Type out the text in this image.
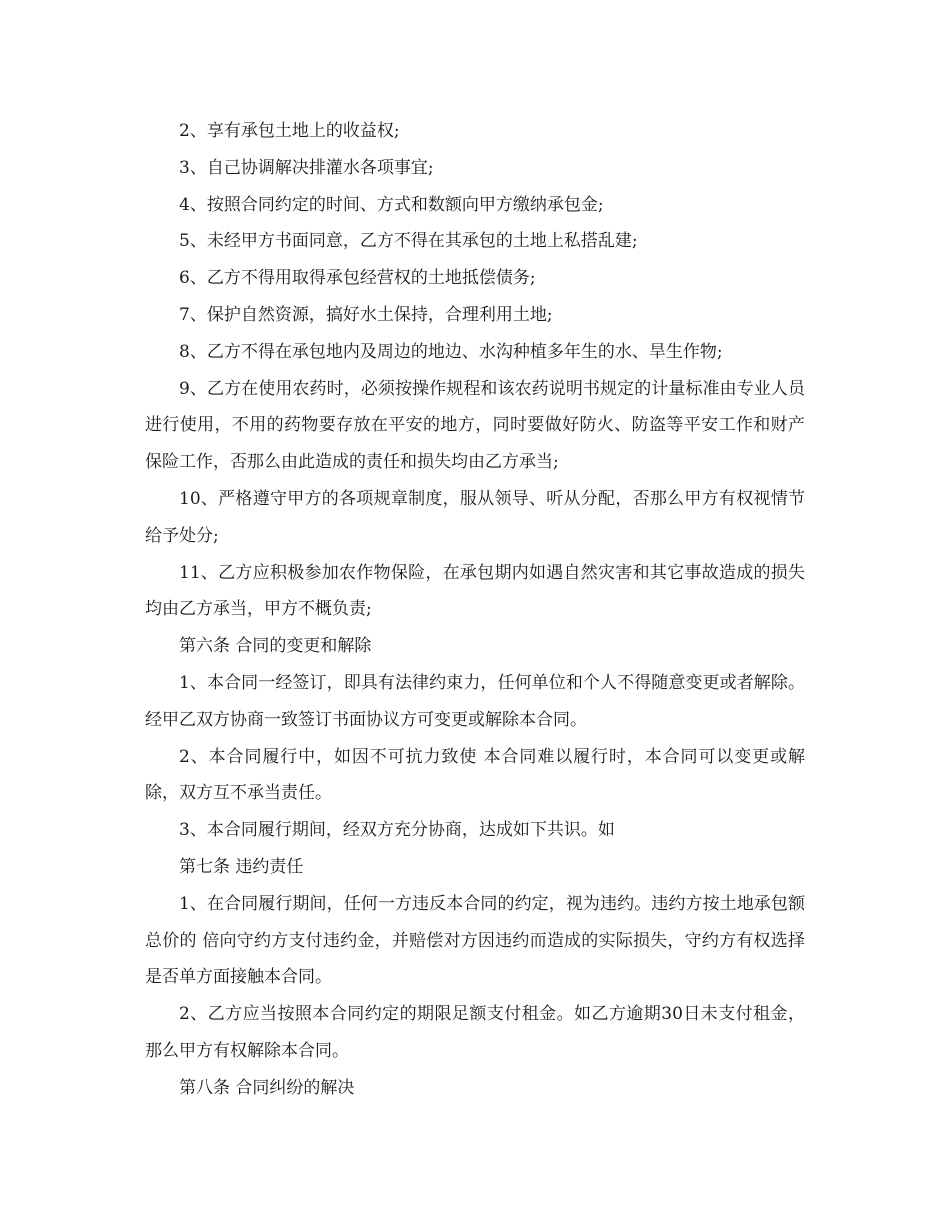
2、享有承包土地上的收益权;

3、自己协调解决排灌水各项事宜;

4、按照合同约定的时间、方式和数额向甲方缴纳承包金;

5、未经甲方书面同意，乙方不得在其承包的土地上私搭乱建;

6、乙方不得用取得承包经营权的土地抵偿债务;

7、保护自然资源，搞好水土保持，合理利用土地;

8、乙方不得在承包地内及周边的地边、水沟种植多年生的水、旱生作物;

9、乙方在使用农药时，必须按操作规程和该农药说明书规定的计量标准由专业人员进行使用，不用的药物要存放在平安的地方，同时要做好防火、防盗等平安工作和财产保险工作，否那么由此造成的责任和损失均由乙方承当;

10、严格遵守甲方的各项规章制度，服从领导、听从分配，否那么甲方有权视情节给予处分;

11、乙方应积极参加农作物保险，在承包期内如遇自然灾害和其它事故造成的损失均由乙方承当，甲方不概负责;

第六条 合同的变更和解除

1、本合同一经签订，即具有法律约束力，任何单位和个人不得随意变更或者解除。经甲乙双方协商一致签订书面协议方可变更或解除本合同。

2、本合同履行中，如因不可抗力致使 本合同难以履行时，本合同可以变更或解除，双方互不承当责任。

3、本合同履行期间，经双方充分协商，达成如下共识。如

第七条 违约责任

1、在合同履行期间，任何一方违反本合同的约定，视为违约。违约方按土地承包额总价的 倍向守约方支付违约金，并赔偿对方因违约而造成的实际损失，守约方有权选择是否单方面接触本合同。

2、乙方应当按照本合同约定的期限足额支付租金。如乙方逾期30日未支付租金，那么甲方有权解除本合同。

第八条 合同纠纷的解决
